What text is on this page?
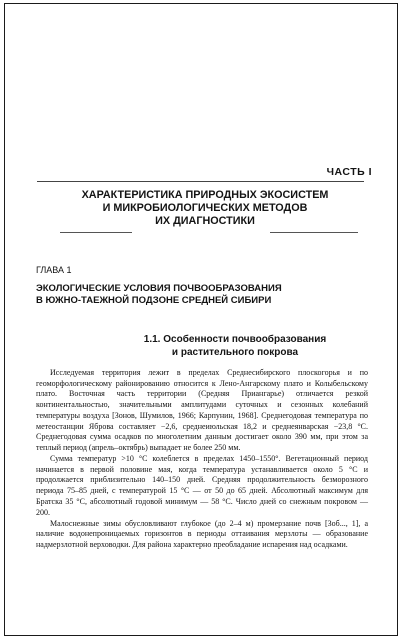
ЧАСТЬ I
ХАРАКТЕРИСТИКА ПРИРОДНЫХ ЭКОСИСТЕМ
И МИКРОБИОЛОГИЧЕСКИХ МЕТОДОВ
ИХ ДИАГНОСТИКИ
ГЛАВА 1
ЭКОЛОГИЧЕСКИЕ УСЛОВИЯ ПОЧВООБРАЗОВАНИЯ
В ЮЖНО-ТАЕЖНОЙ ПОДЗОНЕ СРЕДНЕЙ СИБИРИ
1.1. Особенности почвообразования
и растительного покрова

Исследуемая территория лежит в пределах Среднесибирского плоскогорья и по геоморфологическому районированию относится к Лено-Ангарскому плато и Колыбельскому плато. Восточная часть территории (Средняя Приангарье) отличается резкой континентальностью, значительными амплитудами суточных и сезонных колебаний температуры воздуха [Зонов, Шумилов, 1966; Карпунин, 1968]. Среднегодовая температура по метеостанции Яброва составляет −2,6, среднеиюльская 18,2 и среднеянварская −23,8 °С. Среднегодовая сумма осадков по многолетним данным достигает около 390 мм, при этом за теплый период (апрель–октябрь) выпадает не более 250 мм.

Сумма температур >10 °С колеблется в пределах 1450–1550°. Вегетационный период начинается в первой половине мая, когда температура устанавливается около 5 °С и продолжается приблизительно 140–150 дней. Средняя продолжительность безморозного периода 75–85 дней, с температурой 15 °С — от 50 до 65 дней. Абсолютный максимум для Братска 35 °С, абсолютный годовой минимум — 58 °С. Число дней со снежным покровом — 200.

Малоснежные зимы обусловливают глубокое (до 2–4 м) промерзание почв [Зоб..., 1], а наличие водонепроницаемых горизонтов в периоды оттаивания мерзлоты — образование надмерзлотной верховодки. Для района характерно преобладание испарения над осадками.
